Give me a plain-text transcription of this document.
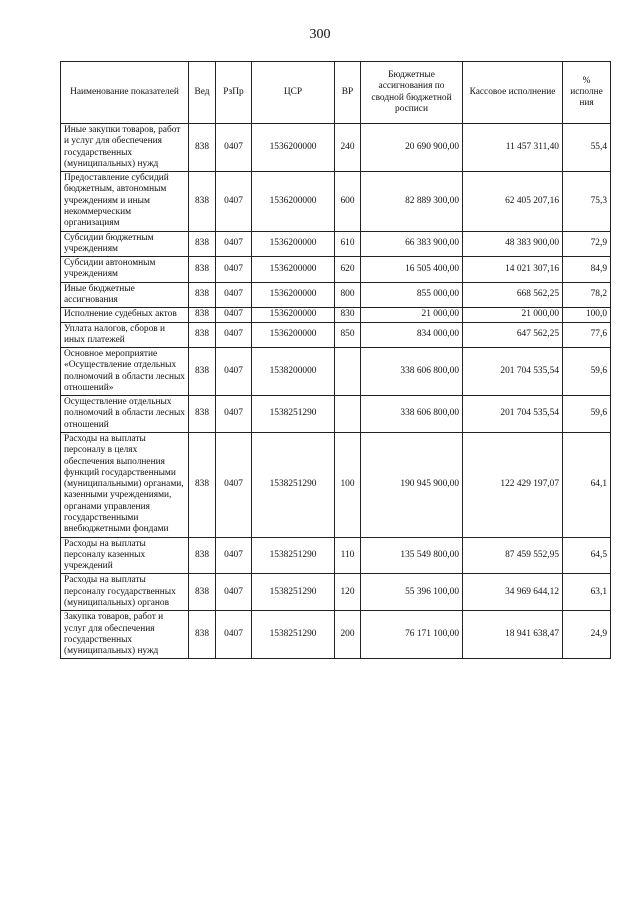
300
Наименование показателей	Вед	РзПр	ЦСР	ВР	Бюджетные ассигнования по сводной бюджетной росписи	Кассовое исполнение	% исполне ния
Иные закупки товаров, работ и услуг для обеспечения государственных (муниципальных) нужд	838	0407	1536200000	240	20 690 900,00	11 457 311,40	55,4
Предоставление субсидий бюджетным, автономным учреждениям и иным некоммерческим организациям	838	0407	1536200000	600	82 889 300,00	62 405 207,16	75,3
Субсидии бюджетным учреждениям	838	0407	1536200000	610	66 383 900,00	48 383 900,00	72,9
Субсидии автономным учреждениям	838	0407	1536200000	620	16 505 400,00	14 021 307,16	84,9
Иные бюджетные ассигнования	838	0407	1536200000	800	855 000,00	668 562,25	78,2
Исполнение судебных актов	838	0407	1536200000	830	21 000,00	21 000,00	100,0
Уплата налогов, сборов и иных платежей	838	0407	1536200000	850	834 000,00	647 562,25	77,6
Основное мероприятие «Осуществление отдельных полномочий в области лесных отношений»	838	0407	1538200000		338 606 800,00	201 704 535,54	59,6
Осуществление отдельных полномочий в области лесных отношений	838	0407	1538251290		338 606 800,00	201 704 535,54	59,6
Расходы на выплаты персоналу в целях обеспечения выполнения функций государственными (муниципальными) органами, казенными учреждениями, органами управления государственными внебюджетными фондами	838	0407	1538251290	100	190 945 900,00	122 429 197,07	64,1
Расходы на выплаты персоналу казенных учреждений	838	0407	1538251290	110	135 549 800,00	87 459 552,95	64,5
Расходы на выплаты персоналу государственных (муниципальных) органов	838	0407	1538251290	120	55 396 100,00	34 969 644,12	63,1
Закупка товаров, работ и услуг для обеспечения государственных (муниципальных) нужд	838	0407	1538251290	200	76 171 100,00	18 941 638,47	24,9
